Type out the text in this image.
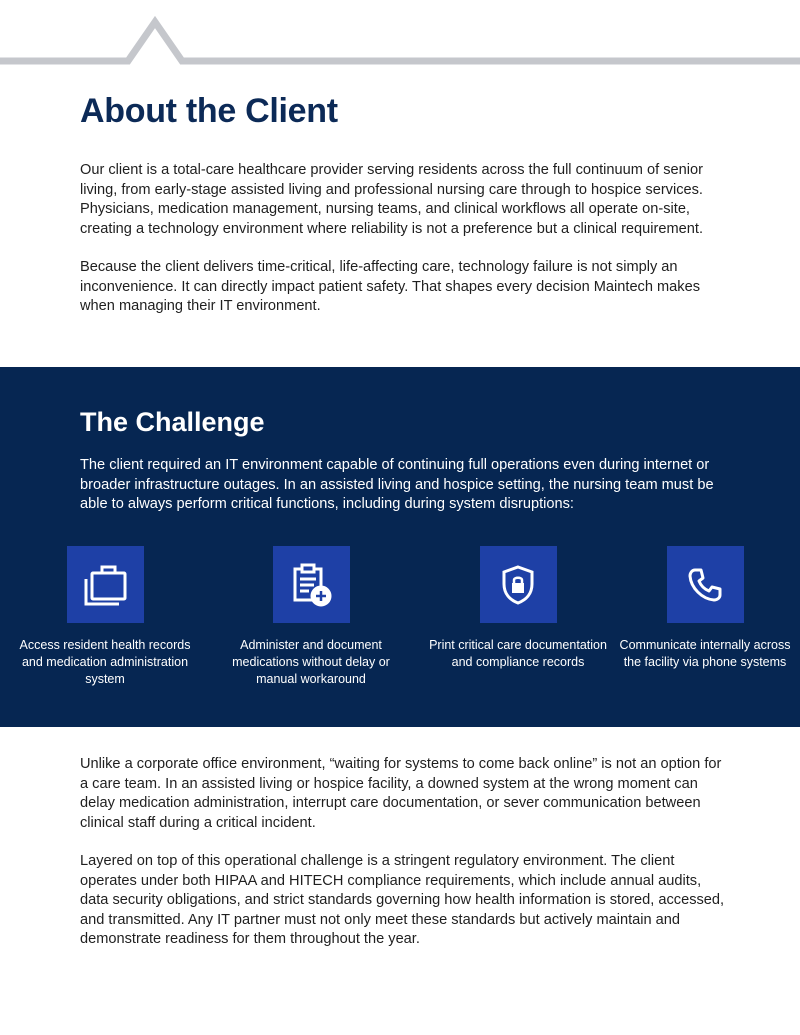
About the Client

Our client is a total-care healthcare provider serving residents across the full continuum of senior living, from early-stage assisted living and professional nursing care through to hospice services. Physicians, medication management, nursing teams, and clinical workflows all operate on-site, creating a technology environment where reliability is not a preference but a clinical requirement.

Because the client delivers time-critical, life-affecting care, technology failure is not simply an inconvenience. It can directly impact patient safety. That shapes every decision Maintech makes when managing their IT environment.

The Challenge

The client required an IT environment capable of continuing full operations even during internet or broader infrastructure outages. In an assisted living and hospice setting, the nursing team must be able to always perform critical functions, including during system disruptions:

Access resident health records and medication administration system
Administer and document medications without delay or manual workaround
Print critical care documentation and compliance records
Communicate internally across the facility via phone systems

Unlike a corporate office environment, “waiting for systems to come back online” is not an option for a care team. In an assisted living or hospice facility, a downed system at the wrong moment can delay medication administration, interrupt care documentation, or sever communication between clinical staff during a critical incident.

Layered on top of this operational challenge is a stringent regulatory environment. The client operates under both HIPAA and HITECH compliance requirements, which include annual audits, data security obligations, and strict standards governing how health information is stored, accessed, and transmitted. Any IT partner must not only meet these standards but actively maintain and demonstrate readiness for them throughout the year.
